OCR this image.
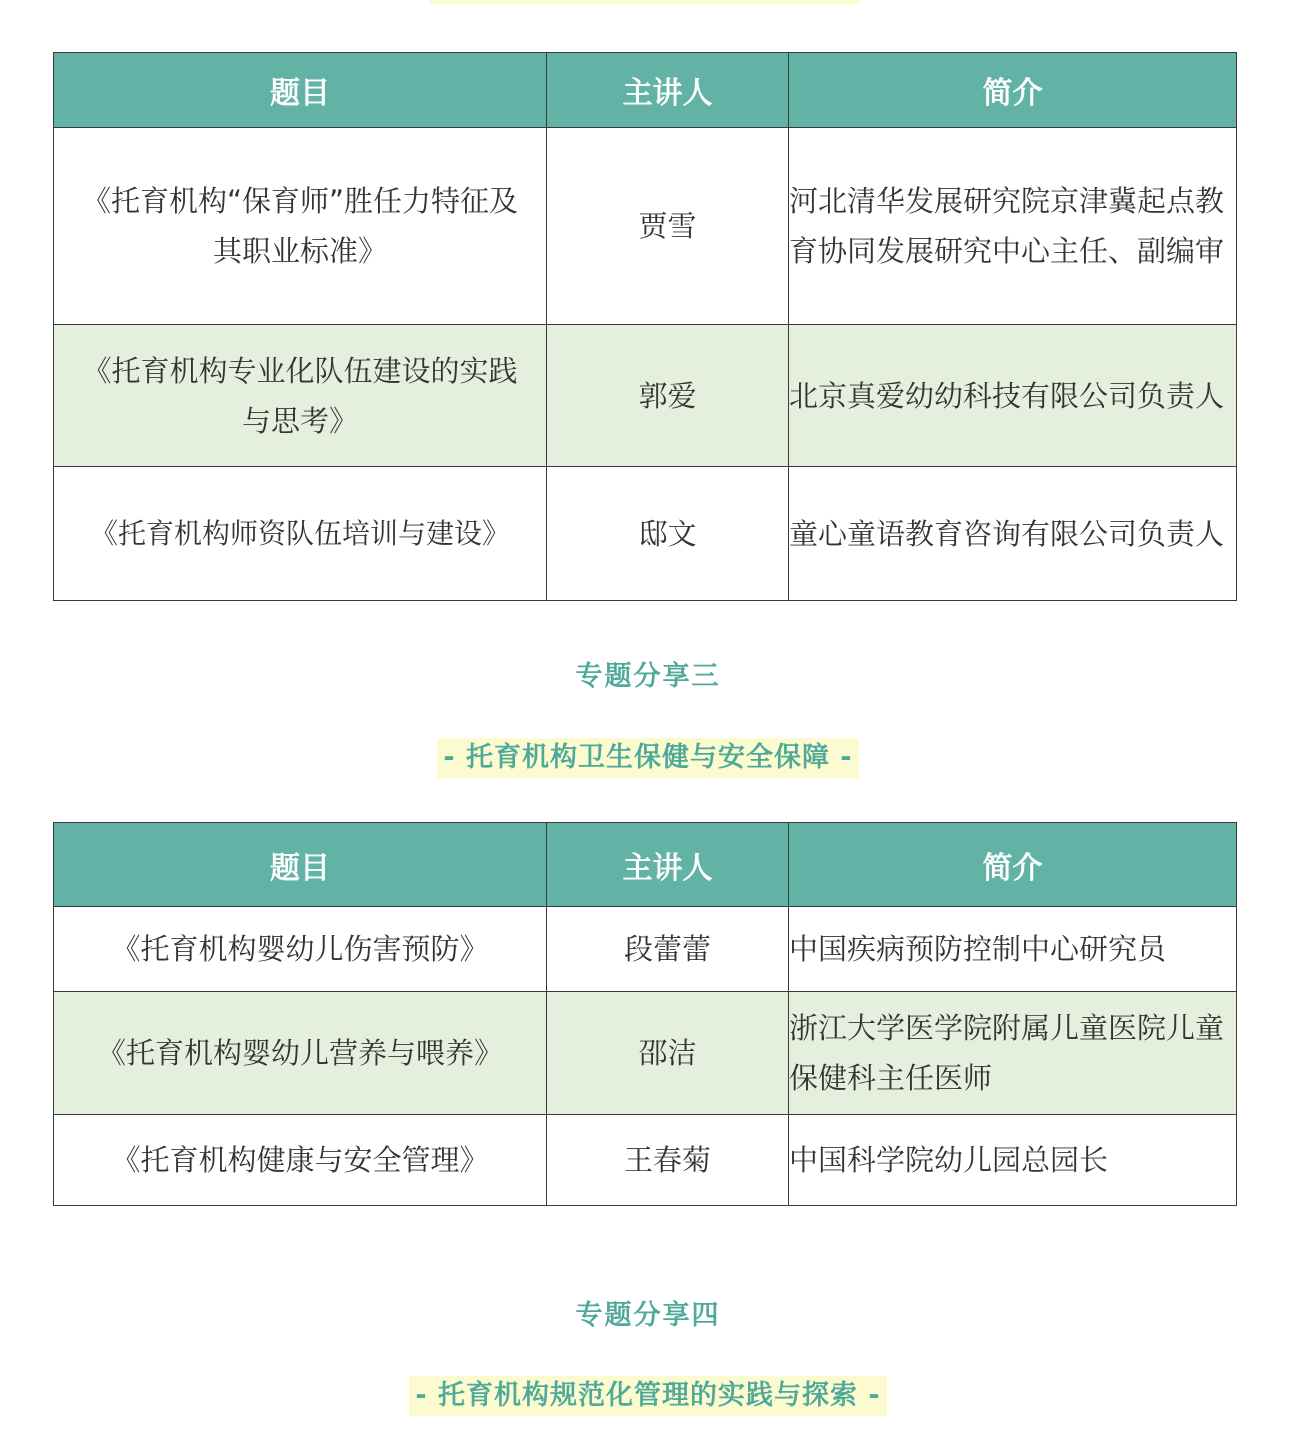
题目	主讲人	简介
《托育机构“保育师”胜任力特征及其职业标准》	贾雪	河北清华发展研究院京津冀起点教育协同发展研究中心主任、副编审
《托育机构专业化队伍建设的实践与思考》	郭爱	北京真爱幼幼科技有限公司负责人
《托育机构师资队伍培训与建设》	邸文	童心童语教育咨询有限公司负责人
专题分享三
- 托育机构卫生保健与安全保障 -
题目	主讲人	简介
《托育机构婴幼儿伤害预防》	段蕾蕾	中国疾病预防控制中心研究员
《托育机构婴幼儿营养与喂养》	邵洁	浙江大学医学院附属儿童医院儿童保健科主任医师
《托育机构健康与安全管理》	王春菊	中国科学院幼儿园总园长
专题分享四
- 托育机构规范化管理的实践与探索 -
